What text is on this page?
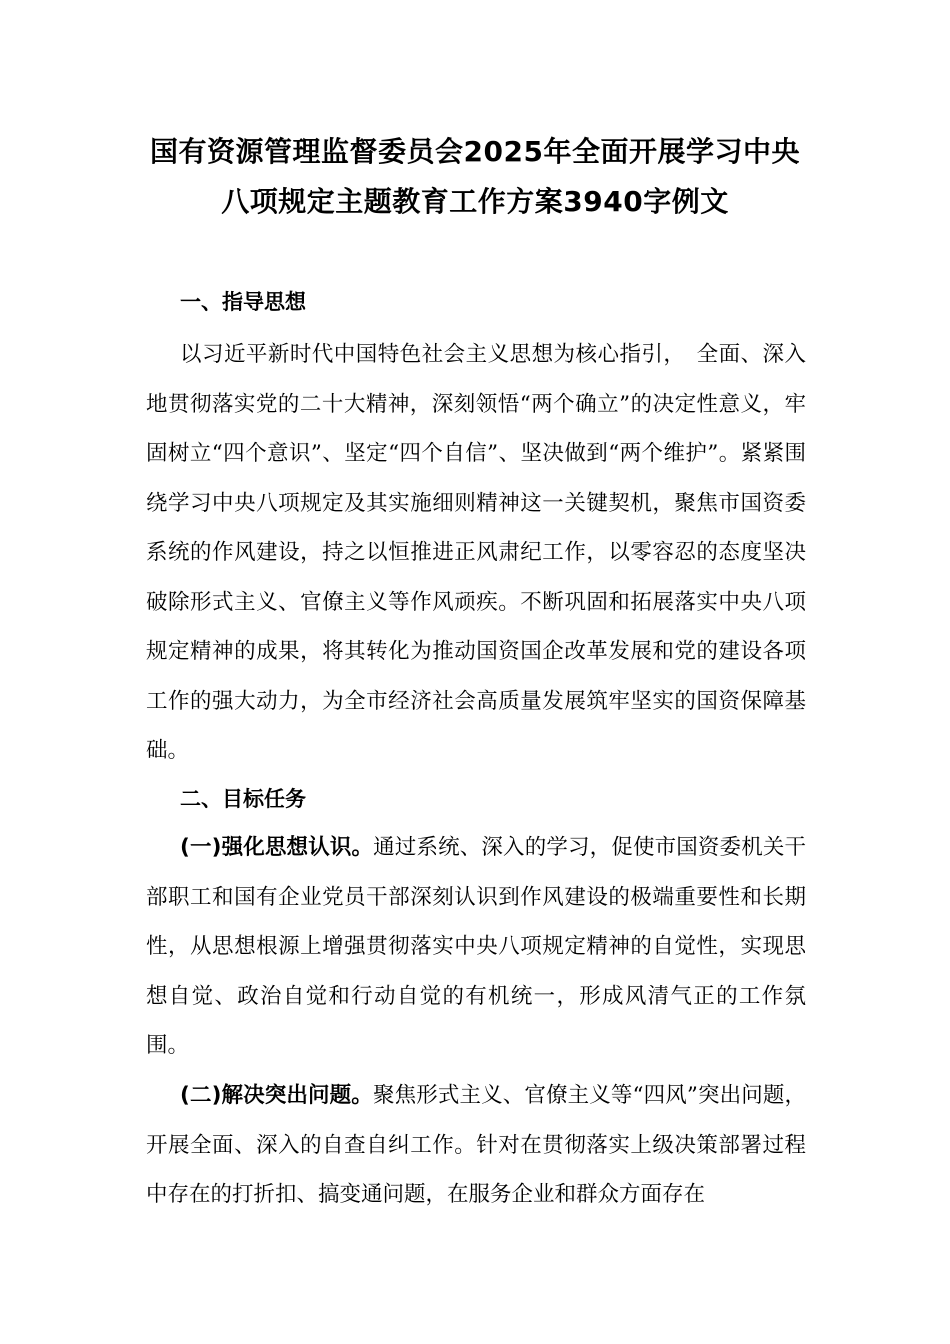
国有资源管理监督委员会2025年全面开展学习中央
八项规定主题教育工作方案3940字例文
一、指导思想

以习近平新时代中国特色社会主义思想为核心指引，　全面、深入地贯彻落实党的二十大精神，深刻领悟“两个确立”的决定性意义，牢固树立“四个意识”、坚定“四个自信”、坚决做到“两个维护”。紧紧围绕学习中央八项规定及其实施细则精神这一关键契机，聚焦市国资委系统的作风建设，持之以恒推进正风肃纪工作，以零容忍的态度坚决破除形式主义、官僚主义等作风顽疾。不断巩固和拓展落实中央八项规定精神的成果，将其转化为推动国资国企改革发展和党的建设各项工作的强大动力，为全市经济社会高质量发展筑牢坚实的国资保障基础。

二、目标任务

(一)强化思想认识。通过系统、深入的学习，促使市国资委机关干部职工和国有企业党员干部深刻认识到作风建设的极端重要性和长期性，从思想根源上增强贯彻落实中央八项规定精神的自觉性，实现思想自觉、政治自觉和行动自觉的有机统一，形成风清气正的工作氛围。

(二)解决突出问题。聚焦形式主义、官僚主义等“四风”突出问题，开展全面、深入的自查自纠工作。针对在贯彻落实上级决策部署过程中存在的打折扣、搞变通问题，在服务企业和群众方面存在
